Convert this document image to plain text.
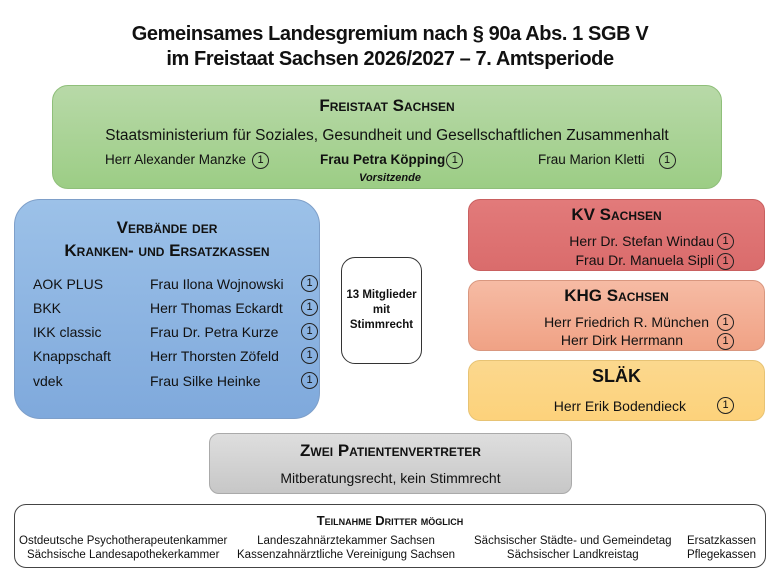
Gemeinsames Landesgremium nach § 90a Abs. 1 SGB V
im Freistaat Sachsen 2026/2027 – 7. Amtsperiode
Freistaat Sachsen
Staatsministerium für Soziales, Gesundheit und Gesellschaftlichen Zusammenhalt
Herr Alexander Manzke 1	Frau Petra Köpping 1
Vorsitzende
Frau Marion Kletti 1
Verbände der
Kranken- und Ersatzkassen
AOK PLUS	Frau Ilona Wojnowski	1
BKK	Herr Thomas Eckardt	1
IKK classic	Frau Dr. Petra Kurze	1
Knappschaft	Herr Thorsten Zöfeld	1
vdek	Frau Silke Heinke	1
13 Mitglieder
mit
Stimmrecht
KV Sachsen
Herr Dr. Stefan Windau 1
Frau Dr. Manuela Sipli 1
KHG Sachsen
Herr Friedrich R. München	1
Herr Dirk Herrmann	1
SLÄK
Herr Erik Bodendieck	1
Zwei Patientenvertreter
Mitberatungsrecht, kein Stimmrecht
Teilnahme Dritter möglich
Ostdeutsche Psychotherapeutenkammer
Sächsische Landesapothekerkammer
Landeszahnärztekammer Sachsen
Kassenzahnärztliche Vereinigung Sachsen
Sächsischer Städte- und Gemeindetag
Sächsischer Landkreistag
Ersatzkassen
Pflegekassen
